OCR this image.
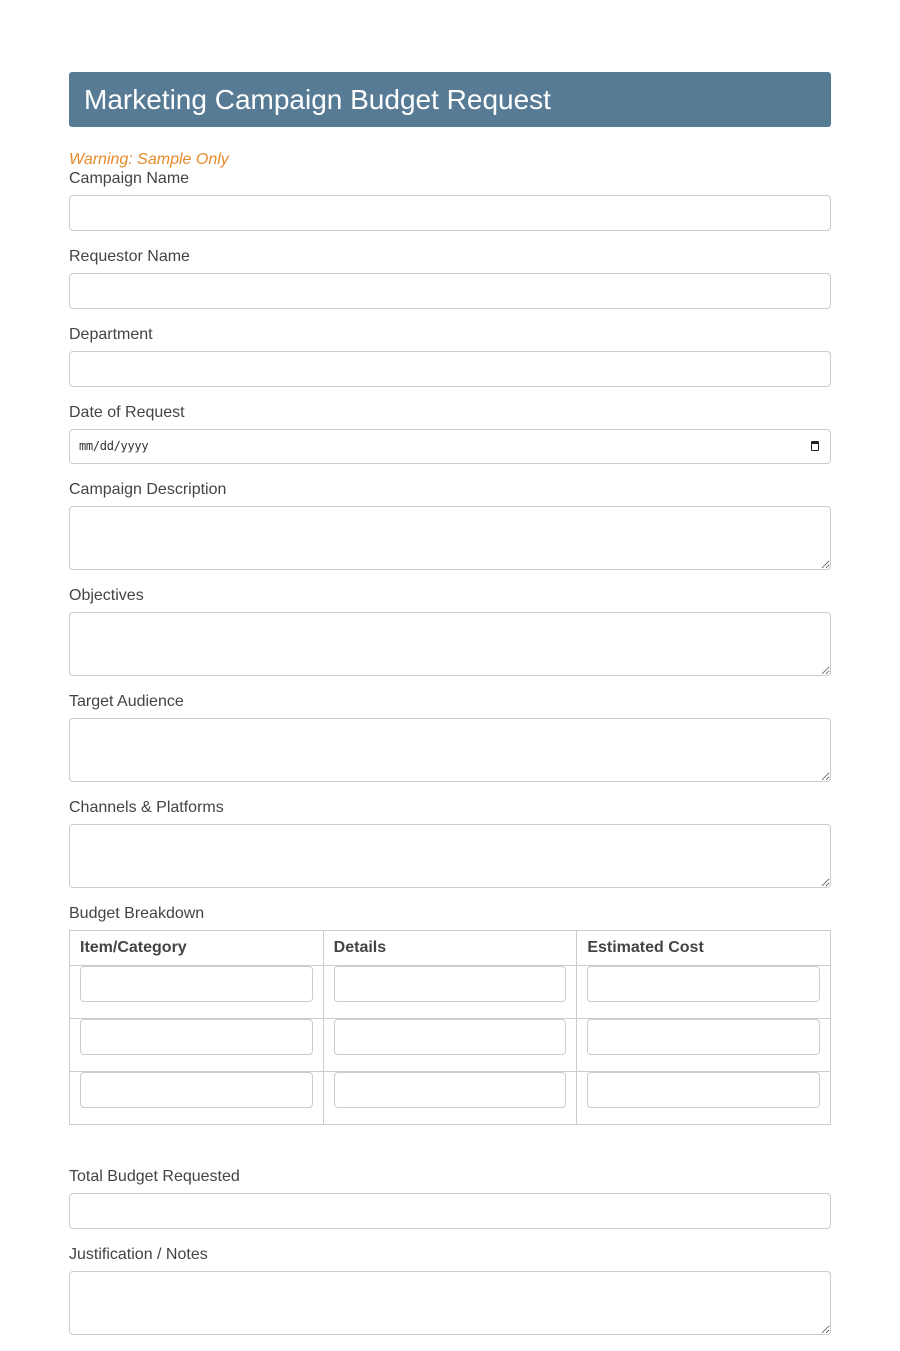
Marketing Campaign Budget Request
Warning: Sample Only
Campaign Name
Requestor Name
Department
Date of Request
mm/dd/yyyy
Campaign Description
Objectives
Target Audience
Channels & Platforms
Budget Breakdown
Item/Category	Details	Estimated Cost

Total Budget Requested
Justification / Notes
